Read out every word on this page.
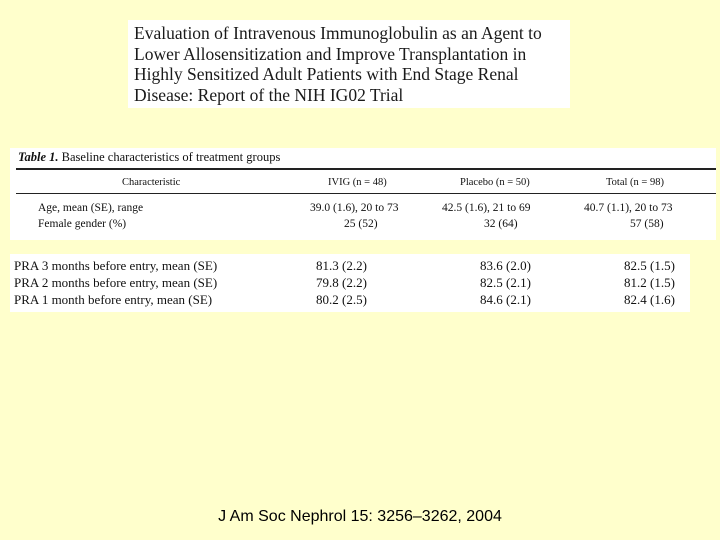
Evaluation of Intravenous Immunoglobulin as an Agent to
Lower Allosensitization and Improve Transplantation in
Highly Sensitized Adult Patients with End Stage Renal
Disease: Report of the NIH IG02 Trial
Table 1. Baseline characteristics of treatment groups
Characteristic	IVIG (n = 48)	Placebo (n = 50)	Total (n = 98)
Age, mean (SE), range	39.0 (1.6), 20 to 73	42.5 (1.6), 21 to 69	40.7 (1.1), 20 to 73
Female gender (%)	25 (52)	32 (64)	57 (58)
PRA 3 months before entry, mean (SE)	81.3 (2.2)	83.6 (2.0)	82.5 (1.5)
PRA 2 months before entry, mean (SE)	79.8 (2.2)	82.5 (2.1)	81.2 (1.5)
PRA 1 month before entry, mean (SE)	80.2 (2.5)	84.6 (2.1)	82.4 (1.6)
J Am Soc Nephrol 15: 3256–3262, 2004
